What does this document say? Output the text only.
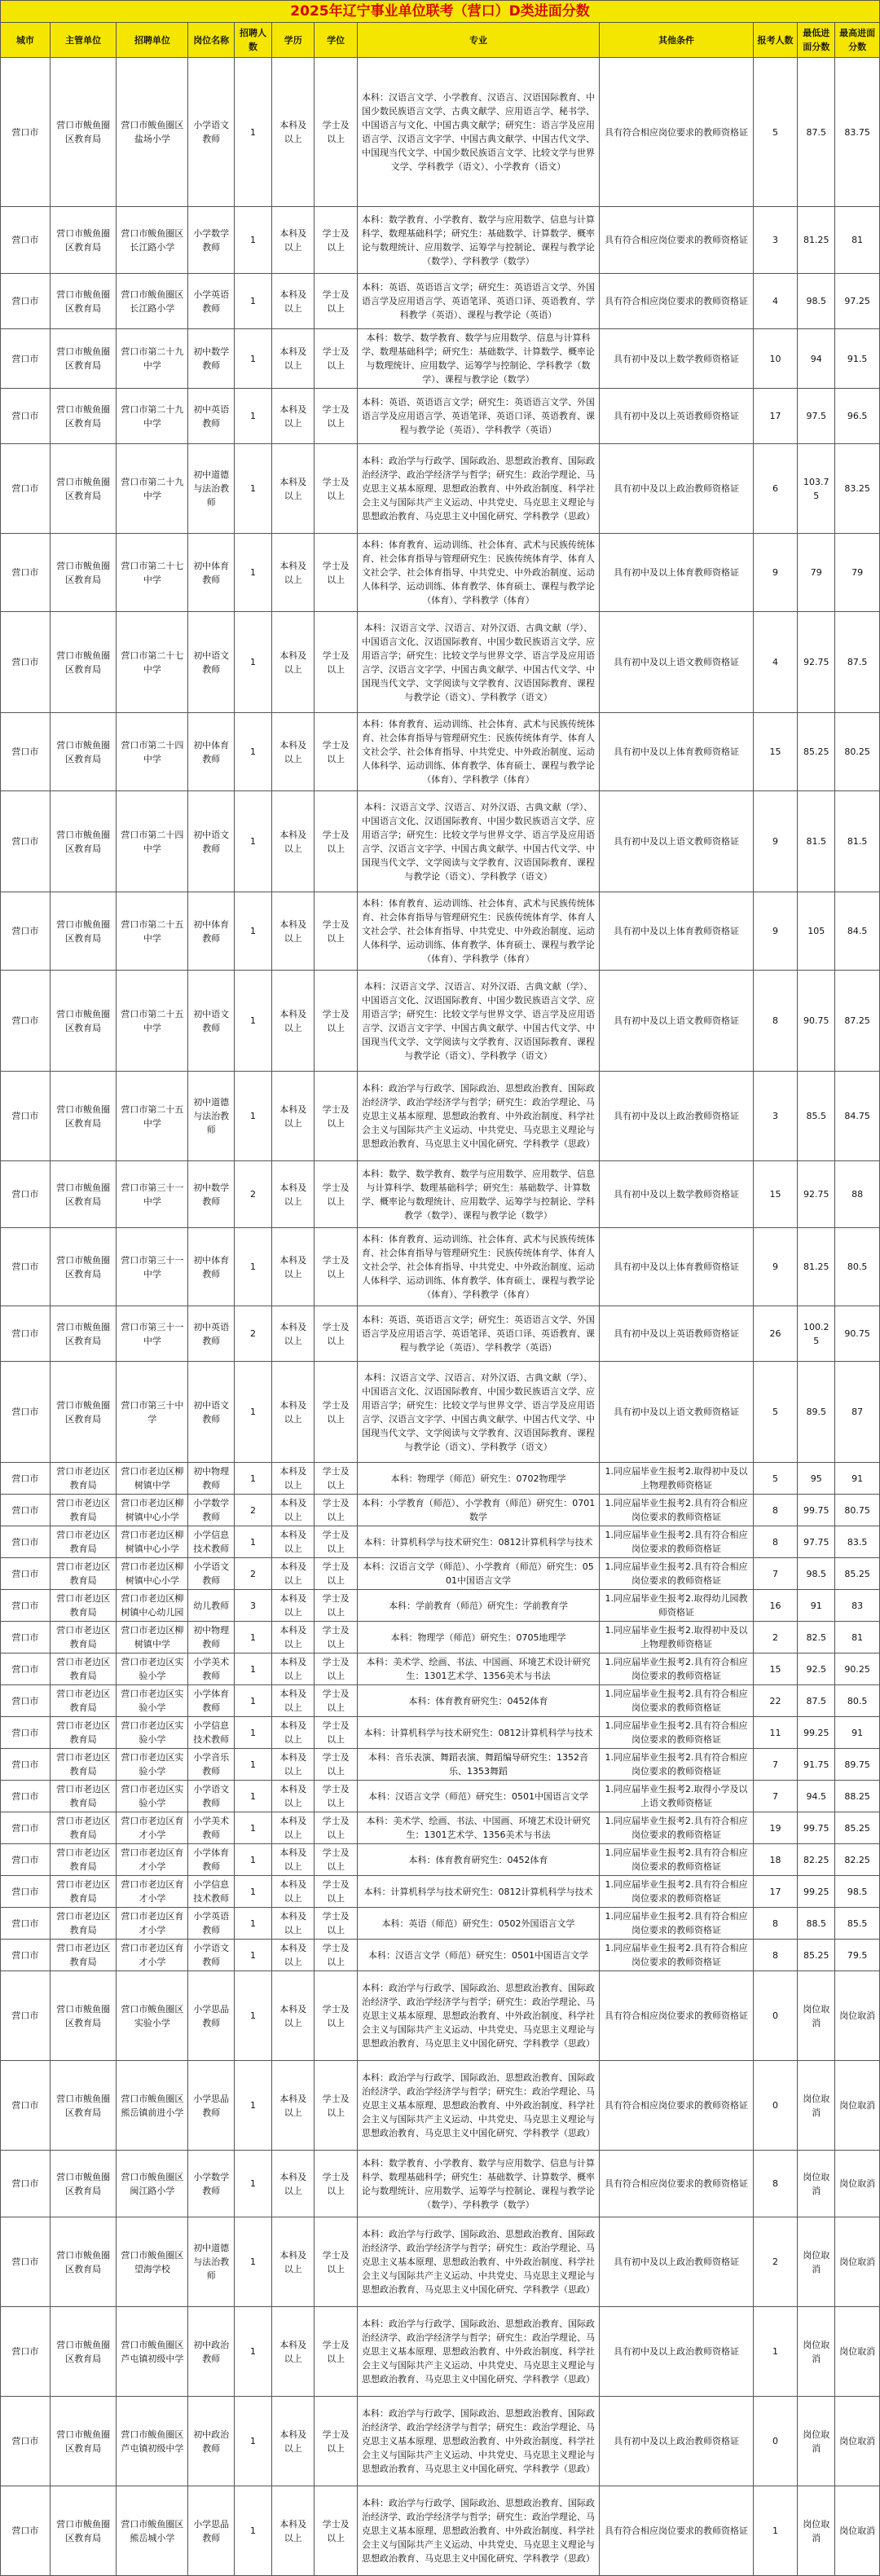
2025年辽宁事业单位联考（营口）D类进面分数											
城市	主管单位	招聘单位	岗位名称	招聘人数	学历	学位	专业	其他条件	报考人数	最低进面分数	最高进面分数
营口市	营口市鲅鱼圈区教育局	营口市鲅鱼圈区盐场小学	小学语文教师	1	本科及以上	学士及以上	本科：汉语言文学、小学教育、汉语言、汉语国际教育、中国少数民族语言文学、古典文献学、应用语言学、秘书学、中国语言与文化、中国古典文献学；研究生：语言学及应用语言学、汉语言文字学、中国古典文献学、中国古代文学、中国现当代文学、中国少数民族语言文学、比较文学与世界文学、学科教学（语文）、小学教育（语文）	具有符合相应岗位要求的教师资格证	5	87.5	83.75
营口市	营口市鲅鱼圈区教育局	营口市鲅鱼圈区长江路小学	小学数学教师	1	本科及以上	学士及以上	本科：数学教育、小学教育、数学与应用数学、信息与计算科学、数理基础科学；研究生：基础数学、计算数学、概率论与数理统计、应用数学、运筹学与控制论、课程与教学论（数学）、学科教学（数学）	具有符合相应岗位要求的教师资格证	3	81.25	81
营口市	营口市鲅鱼圈区教育局	营口市鲅鱼圈区长江路小学	小学英语教师	1	本科及以上	学士及以上	本科：英语、英语语言文学；研究生：英语语言文学、外国语言学及应用语言学、英语笔译、英语口译、英语教育、学科教学（英语）、课程与教学论（英语）	具有符合相应岗位要求的教师资格证	4	98.5	97.25
营口市	营口市鲅鱼圈区教育局	营口市第二十九中学	初中数学教师	1	本科及以上	学士及以上	本科：数学、数学教育、数学与应用数学、信息与计算科学、数理基础科学；研究生：基础数学、计算数学、概率论与数理统计、应用数学、运筹学与控制论、学科教学（数学）、课程与教学论（数学）	具有初中及以上数学教师资格证	10	94	91.5
营口市	营口市鲅鱼圈区教育局	营口市第二十九中学	初中英语教师	1	本科及以上	学士及以上	本科：英语、英语语言文学；研究生：英语语言文学、外国语言学及应用语言学、英语笔译、英语口译、英语教育、课程与教学论（英语）、学科教学（英语）	具有初中及以上英语教师资格证	17	97.5	96.5
营口市	营口市鲅鱼圈区教育局	营口市第二十九中学	初中道德与法治教师	1	本科及以上	学士及以上	本科：政治学与行政学、国际政治、思想政治教育、国际政治经济学、政治学经济学与哲学；研究生：政治学理论、马克思主义基本原理、思想政治教育、中外政治制度、科学社会主义与国际共产主义运动、中共党史、马克思主义理论与思想政治教育、马克思主义中国化研究、学科教学（思政）	具有初中及以上政治教师资格证	6	103.75	83.25
营口市	营口市鲅鱼圈区教育局	营口市第二十七中学	初中体育教师	1	本科及以上	学士及以上	本科：体育教育、运动训练、社会体育、武术与民族传统体育、社会体育指导与管理研究生：民族传统体育学、体育人文社会学、社会体育指导、中共党史、中外政治制度、运动人体科学、运动训练、体育教学、体育硕士、课程与教学论（体育）、学科教学（体育）	具有初中及以上体育教师资格证	9	79	79
营口市	营口市鲅鱼圈区教育局	营口市第二十七中学	初中语文教师	1	本科及以上	学士及以上	本科：汉语言文学、汉语言、对外汉语、古典文献（学）、中国语言文化、汉语国际教育、中国少数民族语言文学、应用语言学；研究生：比较文学与世界文学、语言学及应用语言学、汉语言文字学、中国古典文献学、中国古代文学、中国现当代文学、文学阅读与文学教育、汉语国际教育、课程与教学论（语文）、学科教学（语文）	具有初中及以上语文教师资格证	4	92.75	87.5
营口市	营口市鲅鱼圈区教育局	营口市第二十四中学	初中体育教师	1	本科及以上	学士及以上	本科：体育教育、运动训练、社会体育、武术与民族传统体育、社会体育指导与管理研究生：民族传统体育学、体育人文社会学、社会体育指导、中共党史、中外政治制度、运动人体科学、运动训练、体育教学、体育硕士、课程与教学论（体育）、学科教学（体育）	具有初中及以上体育教师资格证	15	85.25	80.25
营口市	营口市鲅鱼圈区教育局	营口市第二十四中学	初中语文教师	1	本科及以上	学士及以上	本科：汉语言文学、汉语言、对外汉语、古典文献（学）、中国语言文化、汉语国际教育、中国少数民族语言文学、应用语言学；研究生：比较文学与世界文学、语言学及应用语言学、汉语言文字学、中国古典文献学、中国古代文学、中国现当代文学、文学阅读与文学教育、汉语国际教育、课程与教学论（语文）、学科教学（语文）	具有初中及以上语文教师资格证	9	81.5	81.5
营口市	营口市鲅鱼圈区教育局	营口市第二十五中学	初中体育教师	1	本科及以上	学士及以上	本科：体育教育、运动训练、社会体育、武术与民族传统体育、社会体育指导与管理研究生：民族传统体育学、体育人文社会学、社会体育指导、中共党史、中外政治制度、运动人体科学、运动训练、体育教学、体育硕士、课程与教学论（体育）、学科教学（体育）	具有初中及以上体育教师资格证	9	105	84.5
营口市	营口市鲅鱼圈区教育局	营口市第二十五中学	初中语文教师	1	本科及以上	学士及以上	本科：汉语言文学、汉语言、对外汉语、古典文献（学）、中国语言文化、汉语国际教育、中国少数民族语言文学、应用语言学；研究生：比较文学与世界文学、语言学及应用语言学、汉语言文字学、中国古典文献学、中国古代文学、中国现当代文学、文学阅读与文学教育、汉语国际教育、课程与教学论（语文）、学科教学（语文）	具有初中及以上语文教师资格证	8	90.75	87.25
营口市	营口市鲅鱼圈区教育局	营口市第二十五中学	初中道德与法治教师	1	本科及以上	学士及以上	本科：政治学与行政学、国际政治、思想政治教育、国际政治经济学、政治学经济学与哲学；研究生：政治学理论、马克思主义基本原理、思想政治教育、中外政治制度、科学社会主义与国际共产主义运动、中共党史、马克思主义理论与思想政治教育、马克思主义中国化研究、学科教学（思政）	具有初中及以上政治教师资格证	3	85.5	84.75
营口市	营口市鲅鱼圈区教育局	营口市第三十一中学	初中数学教师	2	本科及以上	学士及以上	本科：数学、数学教育、数学与应用数学、应用数学、信息与计算科学、数理基础科学；研究生：基础数学、计算数学、概率论与数理统计、应用数学、运筹学与控制论、学科教学（数学）、课程与教学论（数学）	具有初中及以上数学教师资格证	15	92.75	88
营口市	营口市鲅鱼圈区教育局	营口市第三十一中学	初中体育教师	1	本科及以上	学士及以上	本科：体育教育、运动训练、社会体育、武术与民族传统体育、社会体育指导与管理研究生：民族传统体育学、体育人文社会学、社会体育指导、中共党史、中外政治制度、运动人体科学、运动训练、体育教学、体育硕士、课程与教学论（体育）、学科教学（体育）	具有初中及以上体育教师资格证	9	81.25	80.5
营口市	营口市鲅鱼圈区教育局	营口市第三十一中学	初中英语教师	2	本科及以上	学士及以上	本科：英语、英语语言文学；研究生：英语语言文学、外国语言学及应用语言学、英语笔译、英语口译、英语教育、课程与教学论（英语）、学科教学（英语）	具有初中及以上英语教师资格证	26	100.25	90.75
营口市	营口市鲅鱼圈区教育局	营口市第三十中学	初中语文教师	1	本科及以上	学士及以上	本科：汉语言文学、汉语言、对外汉语、古典文献（学）、中国语言文化、汉语国际教育、中国少数民族语言文学、应用语言学；研究生：比较文学与世界文学、语言学及应用语言学、汉语言文字学、中国古典文献学、中国古代文学、中国现当代文学、文学阅读与文学教育、汉语国际教育、课程与教学论（语文）、学科教学（语文）	具有初中及以上语文教师资格证	5	89.5	87
营口市	营口市老边区教育局	营口市老边区柳树镇中学	初中物理教师	1	本科及以上	学士及以上	本科：物理学（师范）研究生：0702物理学	1.同应届毕业生报考2.取得初中及以上物理教师资格证	5	95	91
营口市	营口市老边区教育局	营口市老边区柳树镇中心小学	小学数学教师	2	本科及以上	学士及以上	本科：小学教育（师范）、小学教育（师范）研究生：0701数学	1.同应届毕业生报考2.具有符合相应岗位要求的教师资格证	8	99.75	80.75
营口市	营口市老边区教育局	营口市老边区柳树镇中心小学	小学信息技术教师	1	本科及以上	学士及以上	本科：计算机科学与技术研究生：0812计算机科学与技术	1.同应届毕业生报考2.具有符合相应岗位要求的教师资格证	8	97.75	83.5
营口市	营口市老边区教育局	营口市老边区柳树镇中心小学	小学语文教师	2	本科及以上	学士及以上	本科：汉语言文学（师范）、小学教育（师范）研究生：0501中国语言文学	1.同应届毕业生报考2.具有符合相应岗位要求的教师资格证	7	98.5	85.25
营口市	营口市老边区教育局	营口市老边区柳树镇中心幼儿园	幼儿教师	3	本科及以上	学士及以上	本科：学前教育（师范）研究生：学前教育学	1.同应届毕业生报考2.取得幼儿园教师资格证	16	91	83
营口市	营口市老边区教育局	营口市老边区柳树镇中学	初中物理教师	1	本科及以上	学士及以上	本科：物理学（师范）研究生：0705地理学	1.同应届毕业生报考2.取得初中及以上物理教师资格证	2	82.5	81
营口市	营口市老边区教育局	营口市老边区实验小学	小学美术教师	1	本科及以上	学士及以上	本科：美术学、绘画、书法、中国画、环境艺术设计研究生：1301艺术学、1356美术与书法	1.同应届毕业生报考2.具有符合相应岗位要求的教师资格证	15	92.5	90.25
营口市	营口市老边区教育局	营口市老边区实验小学	小学体育教师	1	本科及以上	学士及以上	本科：体育教育研究生：0452体育	1.同应届毕业生报考2.具有符合相应岗位要求的教师资格证	22	87.5	80.5
营口市	营口市老边区教育局	营口市老边区实验小学	小学信息技术教师	1	本科及以上	学士及以上	本科：计算机科学与技术研究生：0812计算机科学与技术	1.同应届毕业生报考2.具有符合相应岗位要求的教师资格证	11	99.25	91
营口市	营口市老边区教育局	营口市老边区实验小学	小学音乐教师	1	本科及以上	学士及以上	本科：音乐表演、舞蹈表演、舞蹈编导研究生：1352音乐、1353舞蹈	1.同应届毕业生报考2.具有符合相应岗位要求的教师资格证	7	91.75	89.75
营口市	营口市老边区教育局	营口市老边区实验小学	小学语文教师	1	本科及以上	学士及以上	本科：汉语言文学（师范）研究生：0501中国语言文学	1.同应届毕业生报考2.取得小学及以上语文教师资格证	7	94.5	88.25
营口市	营口市老边区教育局	营口市老边区育才小学	小学美术教师	1	本科及以上	学士及以上	本科：美术学、绘画、书法、中国画、环境艺术设计研究生：1301艺术学、1356美术与书法	1.同应届毕业生报考2.具有符合相应岗位要求的教师资格证	19	99.75	85.25
营口市	营口市老边区教育局	营口市老边区育才小学	小学体育教师	1	本科及以上	学士及以上	本科：体育教育研究生：0452体育	1.同应届毕业生报考2.具有符合相应岗位要求的教师资格证	18	82.25	82.25
营口市	营口市老边区教育局	营口市老边区育才小学	小学信息技术教师	1	本科及以上	学士及以上	本科：计算机科学与技术研究生：0812计算机科学与技术	1.同应届毕业生报考2.具有符合相应岗位要求的教师资格证	17	99.25	98.5
营口市	营口市老边区教育局	营口市老边区育才小学	小学英语教师	1	本科及以上	学士及以上	本科：英语（师范）研究生：0502外国语言文学	1.同应届毕业生报考2.具有符合相应岗位要求的教师资格证	8	88.5	85.5
营口市	营口市老边区教育局	营口市老边区育才小学	小学语文教师	1	本科及以上	学士及以上	本科：汉语言文学（师范）研究生：0501中国语言文学	1.同应届毕业生报考2.具有符合相应岗位要求的教师资格证	8	85.25	79.5
营口市	营口市鲅鱼圈区教育局	营口市鲅鱼圈区实验小学	小学思品教师	1	本科及以上	学士及以上	本科：政治学与行政学、国际政治、思想政治教育、国际政治经济学、政治学经济学与哲学；研究生：政治学理论、马克思主义基本原理、思想政治教育、中外政治制度、科学社会主义与国际共产主义运动、中共党史、马克思主义理论与思想政治教育、马克思主义中国化研究、学科教学（思政）	具有符合相应岗位要求的教师资格证	0	岗位取消	岗位取消
营口市	营口市鲅鱼圈区教育局	营口市鲅鱼圈区熊岳镇前进小学	小学思品教师	1	本科及以上	学士及以上	本科：政治学与行政学、国际政治、思想政治教育、国际政治经济学、政治学经济学与哲学；研究生：政治学理论、马克思主义基本原理、思想政治教育、中外政治制度、科学社会主义与国际共产主义运动、中共党史、马克思主义理论与思想政治教育、马克思主义中国化研究、学科教学（思政）	具有符合相应岗位要求的教师资格证	0	岗位取消	岗位取消
营口市	营口市鲅鱼圈区教育局	营口市鲅鱼圈区闽江路小学	小学数学教师	1	本科及以上	学士及以上	本科：数学教育、小学教育、数学与应用数学、信息与计算科学、数理基础科学；研究生：基础数学、计算数学、概率论与数理统计、应用数学、运筹学与控制论、课程与教学论（数学）、学科教学（数学）	具有符合相应岗位要求的教师资格证	8	岗位取消	岗位取消
营口市	营口市鲅鱼圈区教育局	营口市鲅鱼圈区望海学校	初中道德与法治教师	1	本科及以上	学士及以上	本科：政治学与行政学、国际政治、思想政治教育、国际政治经济学、政治学经济学与哲学；研究生：政治学理论、马克思主义基本原理、思想政治教育、中外政治制度、科学社会主义与国际共产主义运动、中共党史、马克思主义理论与思想政治教育、马克思主义中国化研究、学科教学（思政）	具有初中及以上政治教师资格证	2	岗位取消	岗位取消
营口市	营口市鲅鱼圈区教育局	营口市鲅鱼圈区芦屯镇初级中学	初中政治教师	1	本科及以上	学士及以上	本科：政治学与行政学、国际政治、思想政治教育、国际政治经济学、政治学经济学与哲学；研究生：政治学理论、马克思主义基本原理、思想政治教育、中外政治制度、科学社会主义与国际共产主义运动、中共党史、马克思主义理论与思想政治教育、马克思主义中国化研究、学科教学（思政）	具有初中及以上政治教师资格证	1	岗位取消	岗位取消
营口市	营口市鲅鱼圈区教育局	营口市鲅鱼圈区芦屯镇初级中学	初中政治教师	1	本科及以上	学士及以上	本科：政治学与行政学、国际政治、思想政治教育、国际政治经济学、政治学经济学与哲学；研究生：政治学理论、马克思主义基本原理、思想政治教育、中外政治制度、科学社会主义与国际共产主义运动、中共党史、马克思主义理论与思想政治教育、马克思主义中国化研究、学科教学（思政）	具有初中及以上政治教师资格证	0	岗位取消	岗位取消
营口市	营口市鲅鱼圈区教育局	营口市鲅鱼圈区熊岳城小学	小学思品教师	1	本科及以上	学士及以上	本科：政治学与行政学、国际政治、思想政治教育、国际政治经济学、政治学经济学与哲学；研究生：政治学理论、马克思主义基本原理、思想政治教育、中外政治制度、科学社会主义与国际共产主义运动、中共党史、马克思主义理论与思想政治教育、马克思主义中国化研究、学科教学（思政）	具有符合相应岗位要求的教师资格证	1	岗位取消	岗位取消
